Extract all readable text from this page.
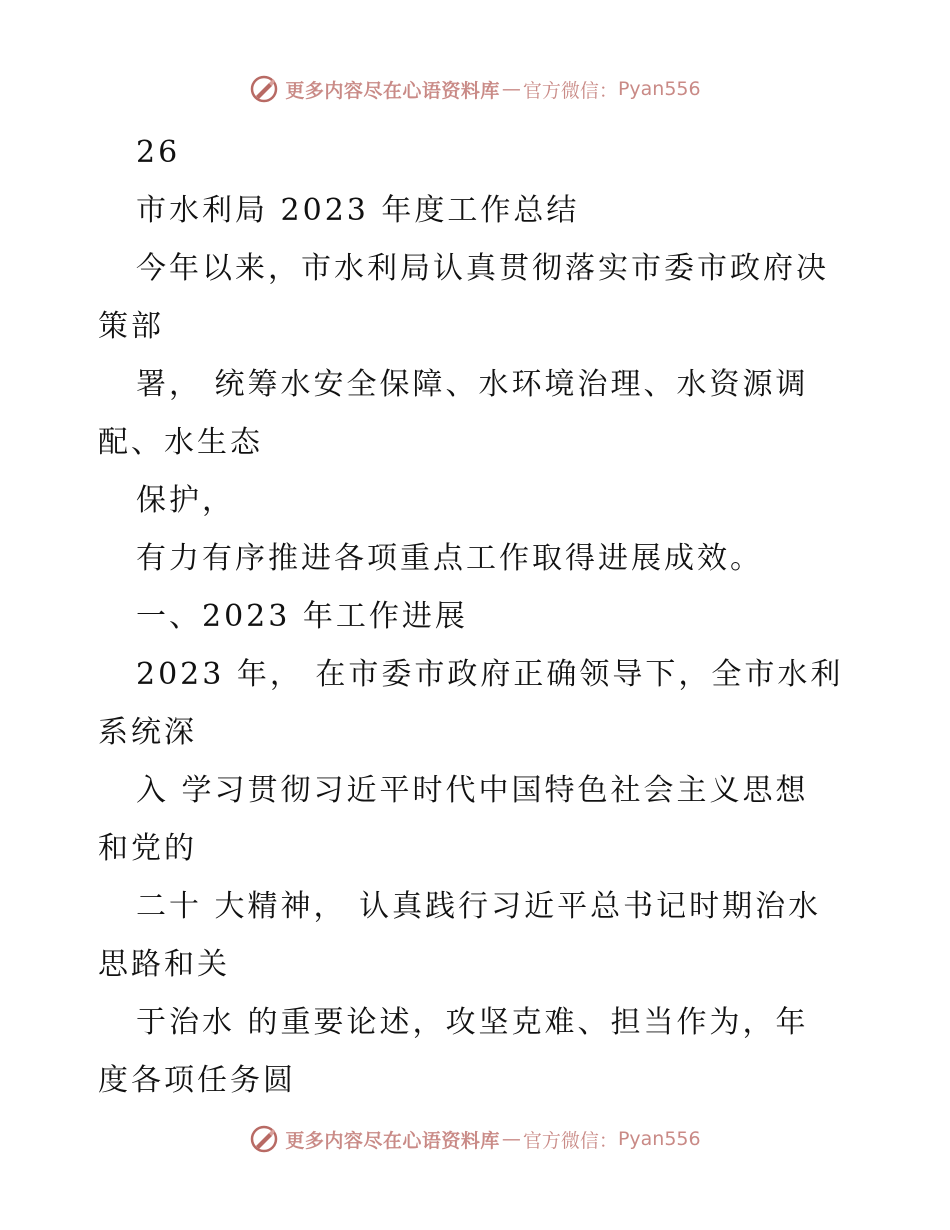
更多内容尽在心语资料库 — 官方微信： Pyan556
26
市水利局 2023 年度工作总结
今年以来，市水利局认真贯彻落实市委市政府决
策部
署， 统筹水安全保障、水环境治理、水资源调
配、水生态
保护，
有力有序推进各项重点工作取得进展成效。
一、2023 年工作进展
2023 年， 在市委市政府正确领导下，全市水利
系统深
入 学习贯彻习近平时代中国特色社会主义思想
和党的
二十 大精神， 认真践行习近平总书记时期治水
思路和关
于治水 的重要论述，攻坚克难、担当作为，年
度各项任务圆
更多内容尽在心语资料库 — 官方微信： Pyan556
